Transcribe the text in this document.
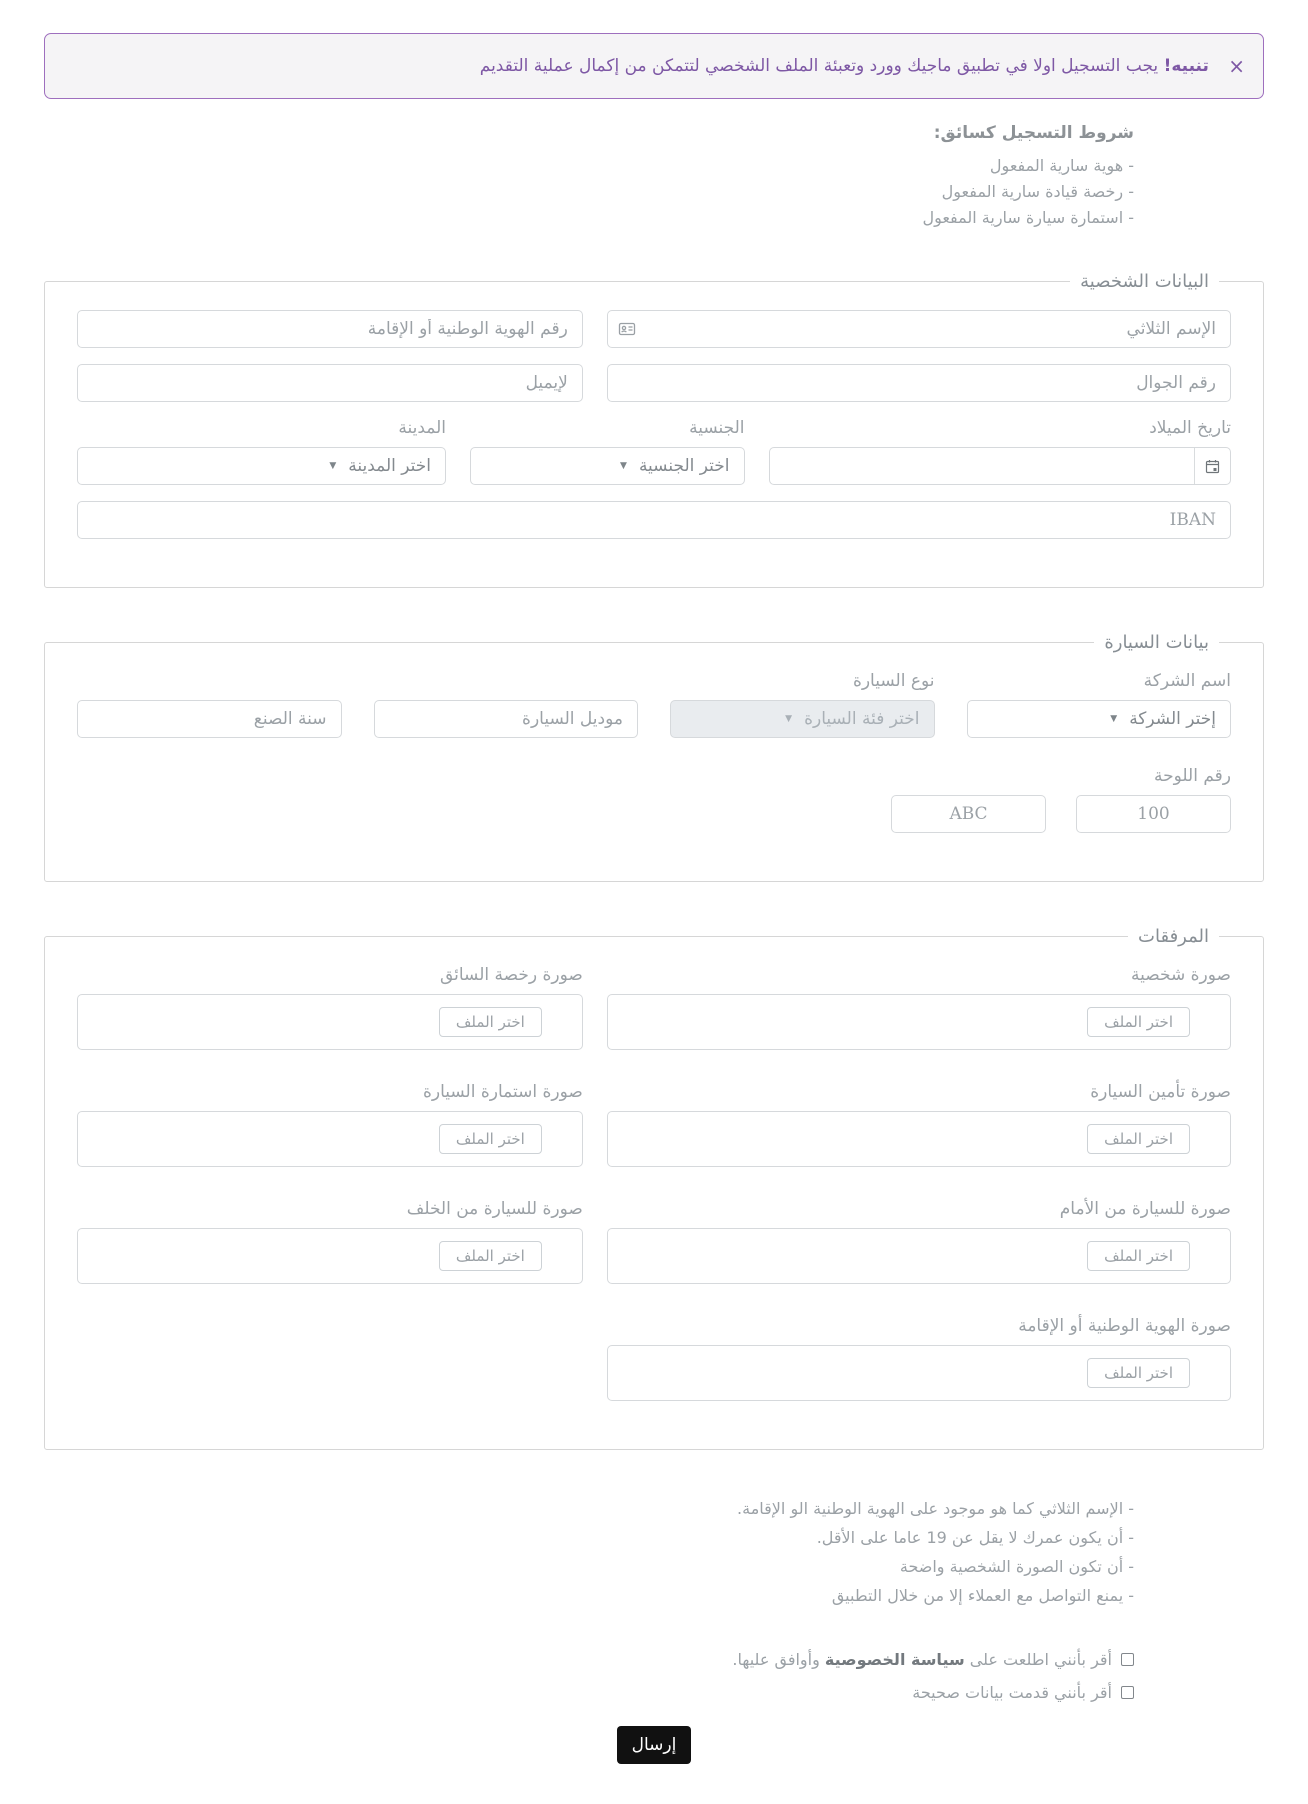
× تنبيه! يجب التسجيل اولا في تطبيق ماجيك وورد وتعبئة الملف الشخصي لتتمكن من إكمال عملية التقديم
شروط التسجيل كسائق:
- هوية سارية المفعول
- رخصة قيادة سارية المفعول
- استمارة سيارة سارية المفعول
البيانات الشخصية
الإسم الثلاثي
رقم الهوية الوطنية أو الإقامة
رقم الجوال
لإيميل
تاريخ الميلاد
الجنسية
اختر الجنسية
▼
المدينة
اختر المدينة
▼
IBAN
بيانات السيارة
اسم الشركة
إختر الشركة
▼
نوع السيارة
اختر فئة السيارة
▼
موديل السيارة
سنة الصنع
رقم اللوحة
100
ABC
المرفقات
صورة شخصية
اختر الملف
صورة رخصة السائق
اختر الملف
صورة تأمين السيارة
اختر الملف
صورة استمارة السيارة
اختر الملف
صورة للسيارة من الأمام
اختر الملف
صورة للسيارة من الخلف
اختر الملف
صورة الهوية الوطنية أو الإقامة
اختر الملف
- الإسم الثلاثي كما هو موجود على الهوية الوطنية الو الإقامة.
- أن يكون عمرك لا يقل عن 19 عاما على الأقل.
- أن تكون الصورة الشخصية واضحة
- يمنع التواصل مع العملاء إلا من خلال التطبيق
أقر بأنني اطلعت على سياسة الخصوصية وأوافق عليها.
أقر بأنني قدمت بيانات صحيحة
إرسال
